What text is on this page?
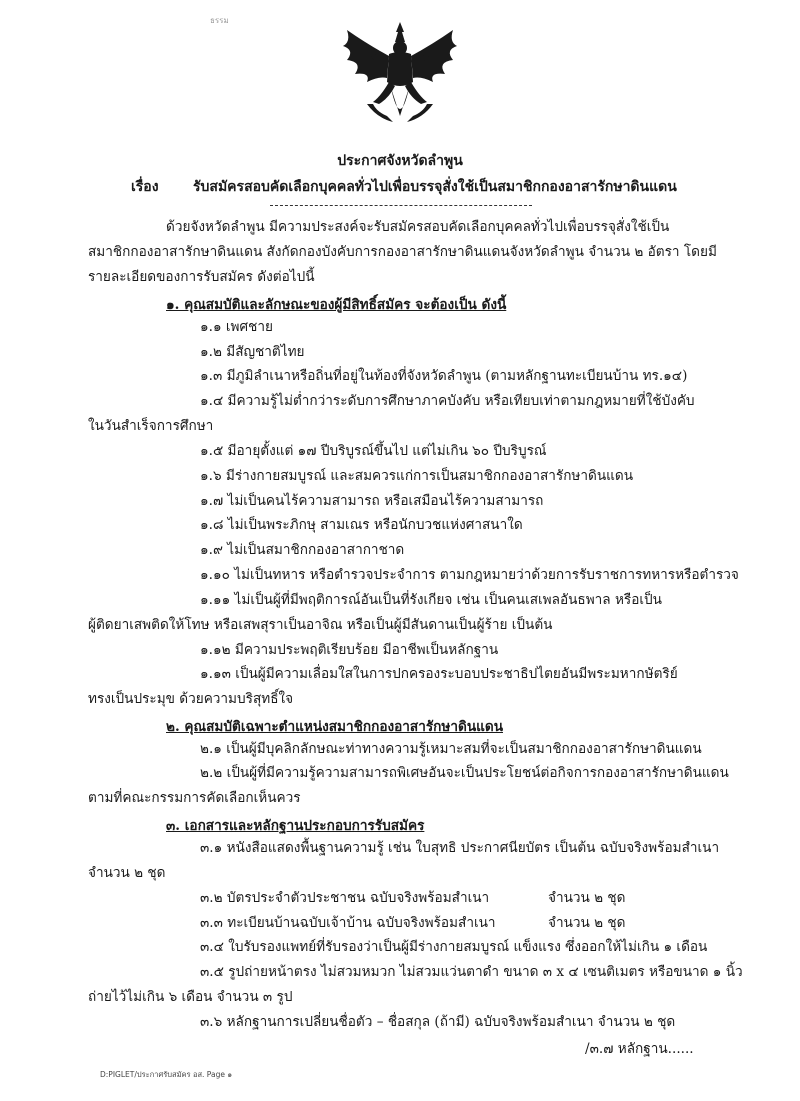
ธรรม
ประกาศจังหวัดลำพูน
เรื่อง รับสมัครสอบคัดเลือกบุคคลทั่วไปเพื่อบรรจุสั่งใช้เป็นสมาชิกกองอาสารักษาดินแดน
ด้วยจังหวัดลำพูน มีความประสงค์จะรับสมัครสอบคัดเลือกบุคคลทั่วไปเพื่อบรรจุสั่งใช้เป็น
สมาชิกกองอาสารักษาดินแดน สังกัดกองบังคับการกองอาสารักษาดินแดนจังหวัดลำพูน จำนวน ๒ อัตรา โดยมี
รายละเอียดของการรับสมัคร ดังต่อไปนี้
๑. คุณสมบัติและลักษณะของผู้มีสิทธิ์สมัคร จะต้องเป็น ดังนี้
๑.๑ เพศชาย
๑.๒ มีสัญชาติไทย
๑.๓ มีภูมิลำเนาหรือถิ่นที่อยู่ในท้องที่จังหวัดลำพูน (ตามหลักฐานทะเบียนบ้าน ทร.๑๔)
๑.๔ มีความรู้ไม่ต่ำกว่าระดับการศึกษาภาคบังคับ หรือเทียบเท่าตามกฎหมายที่ใช้บังคับ
ในวันสำเร็จการศึกษา
๑.๕ มีอายุตั้งแต่ ๑๗ ปีบริบูรณ์ขึ้นไป แต่ไม่เกิน ๖๐ ปีบริบูรณ์
๑.๖ มีร่างกายสมบูรณ์ และสมควรแก่การเป็นสมาชิกกองอาสารักษาดินแดน
๑.๗ ไม่เป็นคนไร้ความสามารถ หรือเสมือนไร้ความสามารถ
๑.๘ ไม่เป็นพระภิกษุ สามเณร หรือนักบวชแห่งศาสนาใด
๑.๙ ไม่เป็นสมาชิกกองอาสากาชาด
๑.๑๐ ไม่เป็นทหาร หรือตำรวจประจำการ ตามกฎหมายว่าด้วยการรับราชการทหารหรือตำรวจ
๑.๑๑ ไม่เป็นผู้ที่มีพฤติการณ์อันเป็นที่รังเกียจ เช่น เป็นคนเสเพลอันธพาล หรือเป็น
ผู้ติดยาเสพติดให้โทษ หรือเสพสุราเป็นอาจิณ หรือเป็นผู้มีสันดานเป็นผู้ร้าย เป็นต้น
๑.๑๒ มีความประพฤติเรียบร้อย มีอาชีพเป็นหลักฐาน
๑.๑๓ เป็นผู้มีความเลื่อมใสในการปกครองระบอบประชาธิปไตยอันมีพระมหากษัตริย์
ทรงเป็นประมุข ด้วยความบริสุทธิ์ใจ
๒. คุณสมบัติเฉพาะตำแหน่งสมาชิกกองอาสารักษาดินแดน
๒.๑ เป็นผู้มีบุคลิกลักษณะท่าทางความรู้เหมาะสมที่จะเป็นสมาชิกกองอาสารักษาดินแดน
๒.๒ เป็นผู้ที่มีความรู้ความสามารถพิเศษอันจะเป็นประโยชน์ต่อกิจการกองอาสารักษาดินแดน
ตามที่คณะกรรมการคัดเลือกเห็นควร
๓. เอกสารและหลักฐานประกอบการรับสมัคร
๓.๑ หนังสือแสดงพื้นฐานความรู้ เช่น ใบสุทธิ ประกาศนียบัตร เป็นต้น ฉบับจริงพร้อมสำเนา
จำนวน ๒ ชุด
๓.๒ บัตรประจำตัวประชาชน ฉบับจริงพร้อมสำเนา	จำนวน ๒ ชุด
๓.๓ ทะเบียนบ้านฉบับเจ้าบ้าน ฉบับจริงพร้อมสำเนา	จำนวน ๒ ชุด
๓.๔ ใบรับรองแพทย์ที่รับรองว่าเป็นผู้มีร่างกายสมบูรณ์ แข็งแรง ซึ่งออกให้ไม่เกิน ๑ เดือน
๓.๕ รูปถ่ายหน้าตรง ไม่สวมหมวก ไม่สวมแว่นตาดำ ขนาด ๓ x ๔ เซนติเมตร หรือขนาด ๑ นิ้ว
ถ่ายไว้ไม่เกิน ๖ เดือน จำนวน ๓ รูป
๓.๖ หลักฐานการเปลี่ยนชื่อตัว – ชื่อสกุล (ถ้ามี) ฉบับจริงพร้อมสำเนา จำนวน ๒ ชุด
/๓.๗ หลักฐาน......
D:PIGLET/ประกาศรับสมัคร อส. Page ๑
